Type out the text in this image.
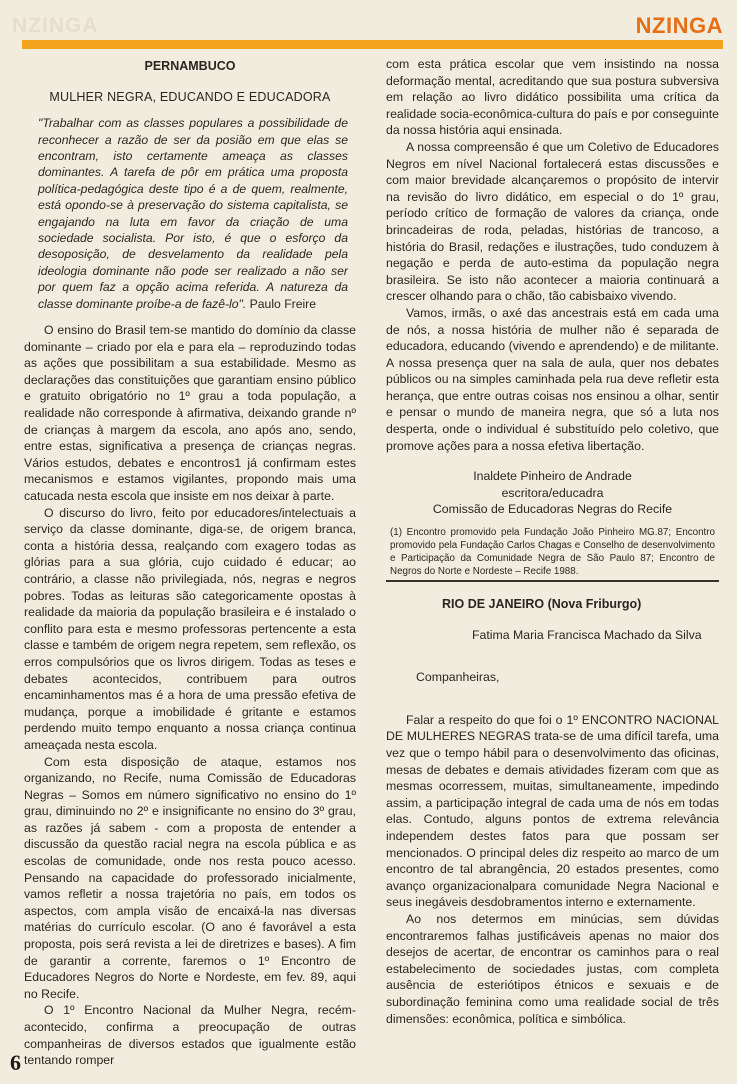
NZINGA	NZINGA

PERNAMBUCO

MULHER NEGRA, EDUCANDO E EDUCADORA

"Trabalhar com as classes populares a possibilidade de reconhecer a razão de ser da posião em que elas se encontram, isto certamente ameaça as classes dominantes. A tarefa de pôr em prática uma proposta política-pedagógica deste tipo é a de quem, realmente, está opondo-se à preservação do sistema capitalista, se engajando na luta em favor da criação de uma sociedade socialista. Por isto, é que o esforço da desoposição, de desvelamento da realidade pela ideologia dominante não pode ser realizado a não ser por quem faz a opção acima referida. A natureza da classe dominante proíbe-a de fazê-lo". Paulo Freire

O ensino do Brasil tem-se mantido do domínio da classe dominante – criado por ela e para ela – reproduzindo todas as ações que possibilitam a sua estabilidade. Mesmo as declarações das constituições que garantiam ensino público e gratuito obrigatório no 1º grau a toda população, a realidade não corresponde à afirmativa, deixando grande nº de crianças à margem da escola, ano após ano, sendo, entre estas, significativa a presença de crianças negras. Vários estudos, debates e encontros1 já confirmam estes mecanismos e estamos vigilantes, propondo mais uma catucada nesta escola que insiste em nos deixar à parte.

O discurso do livro, feito por educadores/intelectuais a serviço da classe dominante, diga-se, de origem branca, conta a história dessa, realçando com exagero todas as glórias para a sua glória, cujo cuidado é educar; ao contrário, a classe não privilegiada, nós, negras e negros pobres. Todas as leituras são categoricamente opostas à realidade da maioria da população brasileira e é instalado o conflito para esta e mesmo professoras pertencente a esta classe e também de origem negra repetem, sem reflexão, os erros compulsórios que os livros dirigem. Todas as teses e debates acontecidos, contribuem para outros encaminhamentos mas é a hora de uma pressão efetiva de mudança, porque a imobilidade é gritante e estamos perdendo muito tempo enquanto a nossa criança continua ameaçada nesta escola.

Com esta disposição de ataque, estamos nos organizando, no Recife, numa Comissão de Educadoras Negras – Somos em número significativo no ensino do 1º grau, diminuindo no 2º e insignificante no ensino do 3º grau, as razões já sabem - com a proposta de entender a discussão da questão racial negra na escola pública e as escolas de comunidade, onde nos resta pouco acesso. Pensando na capacidade do professorado inicialmente, vamos refletir a nossa trajetória no país, em todos os aspectos, com ampla visão de encaixá-la nas diversas matérias do currículo escolar. (O ano é favorável a esta proposta, pois será revista a lei de diretrizes e bases). A fim de garantir a corrente, faremos o 1º Encontro de Educadores Negros do Norte e Nordeste, em fev. 89, aqui no Recife.

O 1º Encontro Nacional da Mulher Negra, recém-acontecido, confirma a preocupação de outras companheiras de diversos estados que igualmente estão tentando romper

com esta prática escolar que vem insistindo na nossa deformação mental, acreditando que sua postura subversiva em relação ao livro didático possibilita uma crítica da realidade socia-econômica-cultura do país e por conseguinte da nossa história aqui ensinada.

A nossa compreensão é que um Coletivo de Educadores Negros em nível Nacional fortalecerá estas discussões e com maior brevidade alcançaremos o propósito de intervir na revisão do livro didático, em especial o do 1º grau, período crítico de formação de valores da criança, onde brincadeiras de roda, peladas, histórias de trancoso, a história do Brasil, redações e ilustrações, tudo conduzem à negação e perda de auto-estima da população negra brasileira. Se isto não acontecer a maioria continuará a crescer olhando para o chão, tão cabisbaixo vivendo.

Vamos, irmãs, o axé das ancestrais está em cada uma de nós, a nossa história de mulher não é separada de educadora, educando (vivendo e aprendendo) e de militante. A nossa presença quer na sala de aula, quer nos debates públicos ou na simples caminhada pela rua deve refletir esta herança, que entre outras coisas nos ensinou a olhar, sentir e pensar o mundo de maneira negra, que só a luta nos desperta, onde o individual é substituído pelo coletivo, que promove ações para a nossa efetiva libertação.

Inaldete Pinheiro de Andrade

escritora/educadra

Comissão de Educadoras Negras do Recife

(1) Encontro promovido pela Fundação João Pinheiro MG.87; Encontro promovido pela Fundação Carlos Chagas e Conselho de desenvolvimento e Participação da Comunidade Negra de São Paulo 87; Encontro de Negros do Norte e Nordeste – Recife 1988.

RIO DE JANEIRO (Nova Friburgo)

Fatima Maria Francisca Machado da Silva

Companheiras,

Falar a respeito do que foi o 1º ENCONTRO NACIONAL DE MULHERES NEGRAS trata-se de uma difícil tarefa, uma vez que o tempo hábil para o desenvolvimento das oficinas, mesas de debates e demais atividades fizeram com que as mesmas ocorressem, muitas, simultaneamente, impedindo assim, a participação integral de cada uma de nós em todas elas. Contudo, alguns pontos de extrema relevância independem destes fatos para que possam ser mencionados. O principal deles diz respeito ao marco de um encontro de tal abrangência, 20 estados presentes, como avanço organizacionalpara comunidade Negra Nacional e seus inegáveis desdobramentos interno e externamente.

Ao nos determos em minúcias, sem dúvidas encontraremos falhas justificáveis apenas no maior dos desejos de acertar, de encontrar os caminhos para o real estabelecimento de sociedades justas, com completa ausência de esteriótipos étnicos e sexuais e de subordinação feminina como uma realidade social de três dimensões: econômica, política e simbólica.

6
